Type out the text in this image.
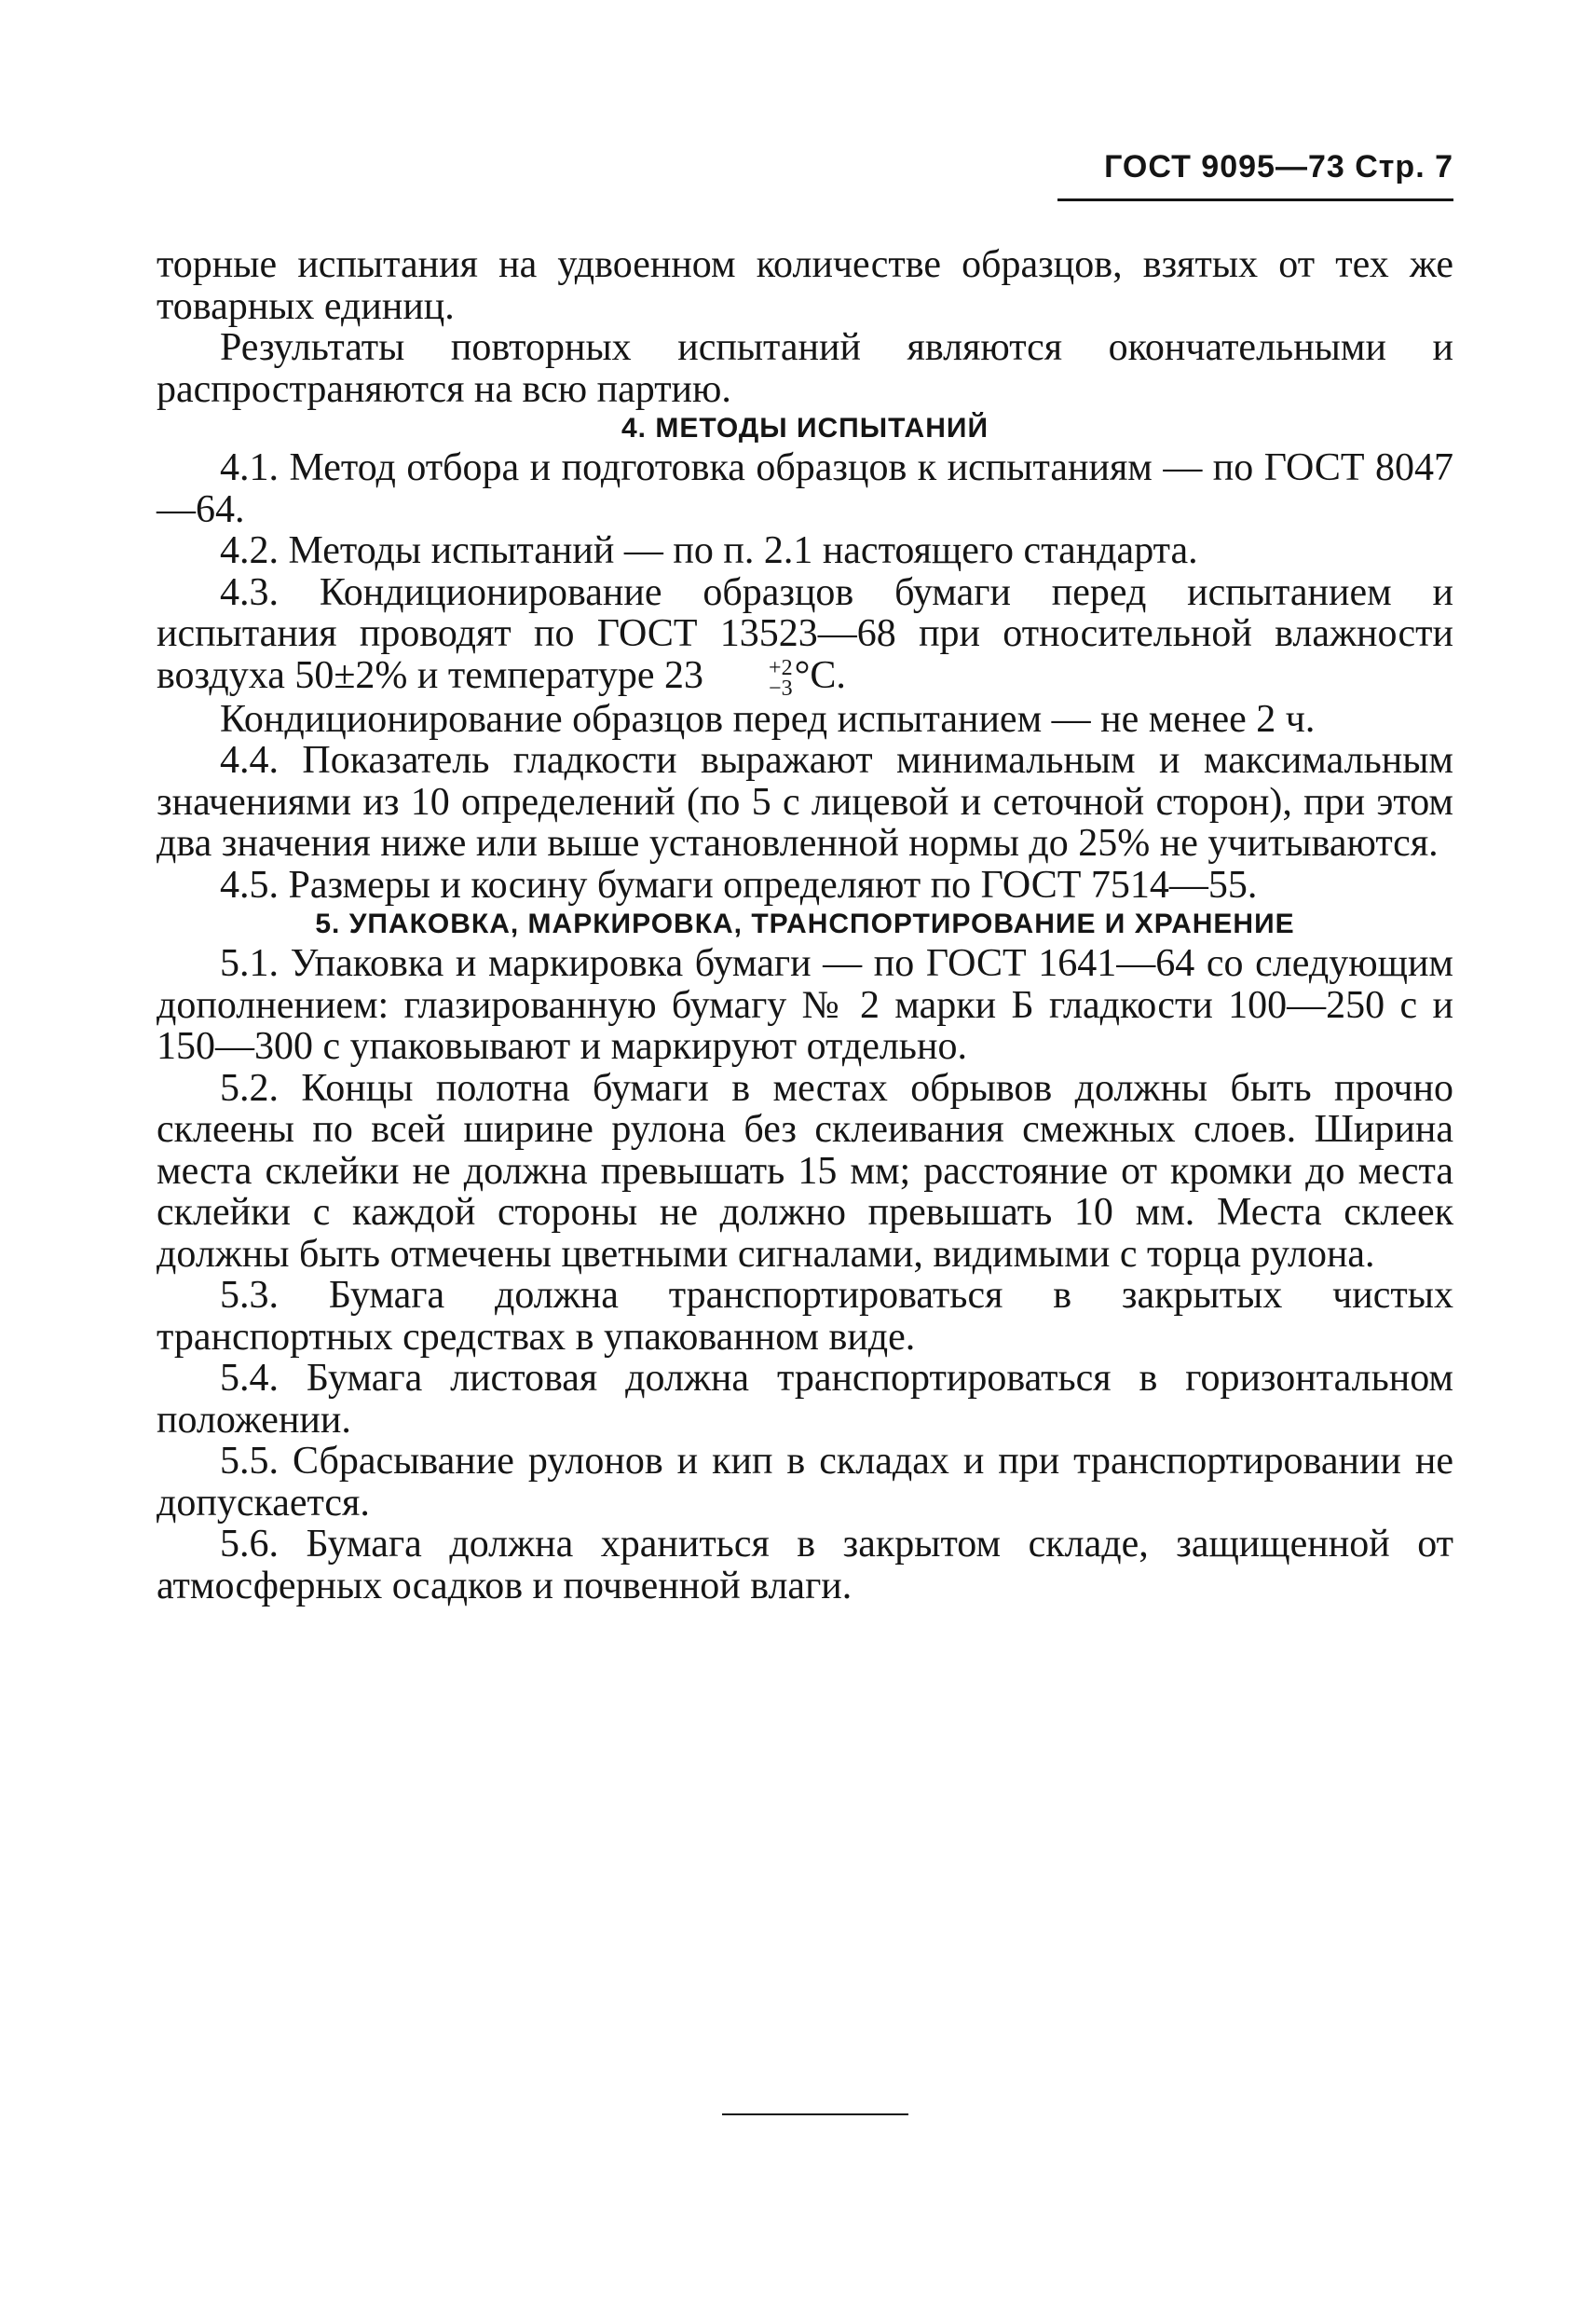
ГОСТ 9095—73 Стр. 7

торные испытания на удвоенном количестве образцов, взятых от тех же товарных единиц.

Результаты повторных испытаний являются окончательными и распространяются на всю партию.

4. МЕТОДЫ ИСПЫТАНИЙ

4.1. Метод отбора и подготовка образцов к испытаниям — по ГОСТ 8047—64.

4.2. Методы испытаний — по п. 2.1 настоящего стандарта.

4.3. Кондиционирование образцов бумаги перед испытанием и испытания проводят по ГОСТ 13523—68 при относительной влажности воздуха 50±2% и температуре 23	+2
−3 °С.

Кондиционирование образцов перед испытанием — не менее 2 ч.

4.4. Показатель гладкости выражают минимальным и максимальным значениями из 10 определений (по 5 с лицевой и сеточной сторон), при этом два значения ниже или выше установленной нормы до 25% не учитываются.

4.5. Размеры и косину бумаги определяют по ГОСТ 7514—55.

5. УПАКОВКА, МАРКИРОВКА, ТРАНСПОРТИРОВАНИЕ И ХРАНЕНИЕ

5.1. Упаковка и маркировка бумаги — по ГОСТ 1641—64 со следующим дополнением: глазированную бумагу № 2 марки Б гладкости 100—250 с и 150—300 с упаковывают и маркируют отдельно.

5.2. Концы полотна бумаги в местах обрывов должны быть прочно склеены по всей ширине рулона без склеивания смежных слоев. Ширина места склейки не должна превышать 15 мм; расстояние от кромки до места склейки с каждой стороны не должно превышать 10 мм. Места склеек должны быть отмечены цветными сигналами, видимыми с торца рулона.

5.3. Бумага должна транспортироваться в закрытых чистых транспортных средствах в упакованном виде.

5.4. Бумага листовая должна транспортироваться в горизонтальном положении.

5.5. Сбрасывание рулонов и кип в складах и при транспортировании не допускается.

5.6. Бумага должна храниться в закрытом складе, защищенной от атмосферных осадков и почвенной влаги.
